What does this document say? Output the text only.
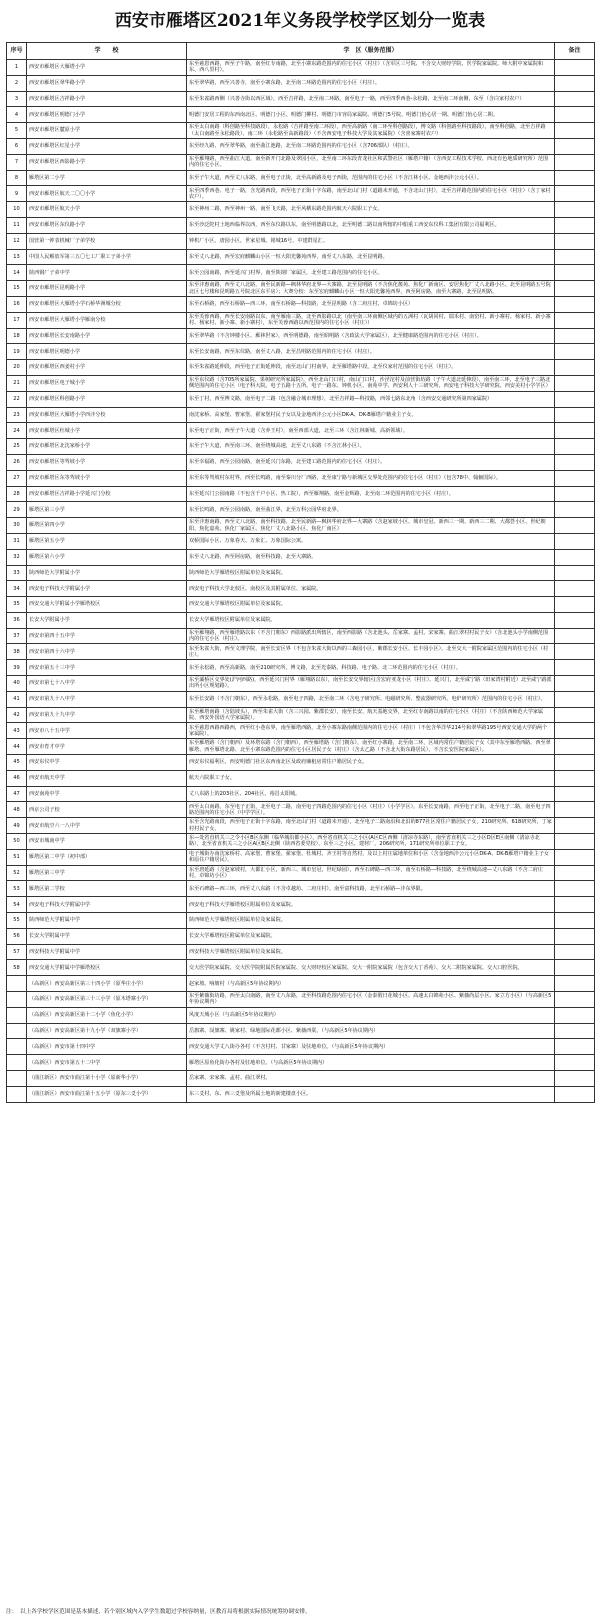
西安市雁塔区2021年义务段学校学区划分一览表
序号	学　　校	学　区（服务范围）	备注
1	西安市雁塔区大雁塔小学	东至慈恩西路，西至子午路，南至红专南路，北至小寨东路范围内的住宅小区（村庄）（含军区三号院、不含交大财经学院、医学院家属院、师大附中家属院和东、西八里村）。	
2	西安市雁塔区翠华路小学	东至翠华路，西至兴善寺，南至小寨东路，北至南二环路范围内的住宅小区（村庄）。	
3	西安市雁塔区吉祥路小学	东至朱雀路西侧（兴善寺街以西区域），西至吉祥路，北至南二环路，南至电子一路，西至四季西巷-永松路，北至南二环南侧，东至（含白家村农户）	
4	西安市雁塔区明德门小学	明德门安居工程的东西南北区、明德门小区、明德门柳村、明德门市容局家属院、明德门5号院、明德门怡心居一期、明德门怡心居二期。	
5	西安市雁塔区麓原小学	东至太白南路（科创路至科技路段），永松路（吉祥路至南二环段），西至高新路（南二环至科创路段），博文路（科创路至科技路段），南至科创路，北至吉祥路（太白南路至永松路段）、南二环（永松路至高新路段）（不含西安电子科技大学及其家属院）（含喜家寨村农户）	
6	西安市雁塔区红星小学	东至经九路，西至翠华路，南至曲江池路，北至南二环路范围内的住宅小区（含706部队）（村庄）。	
7	西安市雁塔区西影路小学	东至雁翔路，西至曲江大道，南至新开门北路及翠园小区，北至南二环东段青龙社区和武警社区（雁塔户籍）（含西安工程技术学校、西北有色地质研究所）范围内的住宅小区。	
8	雁塔区第二小学	东至子午大道，西至丈八东路，南至电子正街，北至高新路及电子西街，范围内的住宅小区（不含江林小区、金地西沣公元小区）。	
9	西安市雁塔区航天二〇〇小学	东至四季西巷、电子一路，含光路西段，西至电子正街十字东路，南至北山门村（道路未开通，不含北山门村），北至吉祥路范围内的住宅小区（村庄）（含丁家村农户）。	
10	西安市雁塔区航天小学	东至神州二路，西至神州一路，南至飞天路，北至风栖东路范围内航天六院职工子女。	
11	西安市雁塔区东仪路小学	东至沙泛陀村土地西临界以西，西至东仪路以东，南至明德路以北，北至明德二路以南所辖的中船重工西安东仪科工集团有限公司福利区。	
12	国营第一钟表机械厂子弟学校	钟机厂小区，唐园小区，世家星城、铭城16号，中建群星汇。	
13	中国人民解放军第三五〇七工厂职工子弟小学	东至丈八北路，西至宏府麒麟山小区一恒大阳光馨苑西界，南至丈八东路，北至昆明路。	
14	陕西钢厂子弟中学	东至公园南路，西至延兴门村界，南至陕钢厂家属区，北至建工路范围内的住宅小区。	
15	西安市雁塔区昆明路小学	东至沣惠南路，西至丈八北路，南至民新路—枫林华府北界—大寨路，北至昆明路（不含焦化酱苑、焦化厂新南区、安居焦化厂丈八北路小区、北至昆明路五号院北区七号楼和昆明路五号院北区东平房）；大赛分校：东至宏府麒麟山小区一恒大阳光馨苑西界，西至阿房路，南至大寨路，北至昆明路。	
16	西安市雁塔区大雁塔小学石桥华洲城分校	东至石桥路，西至石桥路—西三环，南至石桥路—科技路，北至昆明路（含二府庄村、卓锦坊小区）	
17	西安市雁塔区大雁塔小学雁南分校	东至芙蓉西路，西至长安南路以东，南至雁南三路，北至西影路以北（南至南三环南侧区域内的五洲村（瓦胡同村、瑞禾村、南窑村、新小寨村、杨家村、新小寨村、杨家村、新小寨、新小寨村），东至芙蓉西路以西范围内的住宅小区（村庄））	
18	西安市雁塔区长安南路小学	东至翠华路（不含钟楼小区、雁林世家），西至明德路，南至昭明路（含政法大学家属区），北至健康路范围内的住宅小区（村庄）。	
19	西安市雁塔区明德小学	东至长安南路，西至东仪路，南至丈八路，北至昌明路范围内的住宅小区（村庄）。	
20	西安市雁塔区西姜村小学	东至朱雀路延伸段，西至电子正街延伸段，南至北山门村南界，北至雁塔路中段，北至仪家村范围的住宅小区（村庄）。	
21	西安市雁塔区电子城小学	东至东仪路（含705所家属院、果树研究所家属院），西至北山门口村，南山门口村，沙泾沱村及前营街坊路（子午大道北延伸段），南至南三环，北至电子三路北侧范围内的住宅小区（电子科大院、电子五路十五所、电子一路东、钟机小区、南苑中学、西安利人十三研究所、西安电子科技大学研究院、西安美村小学学区）	
22	西安市雁塔区科创路小学	东至丁村，西至博文路，南至电子二路（包含融合城市理想），北至吉祥路—科技路，西邻七路东北角（含西安交通研究所第四家属院）	
23	西安市雁塔区大雁塔小学西沣分校	南沈家桥、高家堡、曹家堡、翟家堡村民子女以及金地西沣公元小区DK-A、DK-B雁塔户籍业主子女。	
24	西安市雁塔区杜城小学	东至电子正街，西至子午大道（含养王村），南至西部大道，北至三环（含江林新城、高新领域）。	
25	西安市雁塔区北沈家桥小学	东至子午大道，西至南三环，南至绕城高速，北至丈八东路（不含江林小区）。	
26	西安市雁塔区等驾坡小学	东至幸福路，西至公园南路，南至延兴门东路，北至建工路范围内的住宅小区（村庄）。	
27	西安市雁塔区东等驾坡小学	东至东等驾坡村东村界，西至长鸣路，南至秦川分厂西路，北至康宁路与新城区交界处范围内的住宅小区（村庄）（包含78中、翰俪国际）。	
28	西安市雁塔区吉祥路小学延兴门分校	东至延兴门公园南路（不包含千户小区、热工院），西至雁翔路，南至金辉路，北至南二环范围内的住宅小区（村庄）。	
29	雁塔区第三小学	东至长鸣路，西至公园南路，南至曲江界，北至万科公园华府北界。	
30	雁塔区第四小学	东至沣惠南路，西至丈八北路，南至科技路，北至民新路—枫林华府北界—大寨路（含赵家坡小区、城市皇冠、新西三一期、新西三二期、大都荟小区、世纪朝阳、焦化嘉苑、焦化厂家属区、焦化厂丈八北路小区、焦化厂南区）	
31	雁塔区第五小学	双桥国际小区、万象春天、万象汇、万象国际公寓。	
32	雁塔区第六小学	东至丈八北路，西至阿房路，南至科技路，北至大寨路。	
33	陕西师范大学附属小学	陕西师范大学雁塔校区附属单位及家属院。	
34	西安电子科技大学附属小学	西安电子科技大学北校区、南校区及其附属单位、家属院。	
35	西安交通大学附属小学雁塔校区	西安交通大学雁塔校区附属单位及家属院。	
36	长安大学附属小学	长安大学雁塔校区附属单位及家属院。	
37	西安市第四十五中学	东至雁翔路，西至雁塔路以东（不含门朝东）西影路派出所辖区，南至西影路（含北池头、岳家寨、孟村、宋家寨、曲江翠村村民子女）（含北池头小学南侧范围内的住宅小区（村庄）。	
38	西安市第四十六中学	东至朱雀大街，西至文理学院，南至长安区界（不包含朱雀大街以西的三森园小区，紫郡长安小区、长丰园小区），北至交大一附院家属区范围内的住宅小区（村庄）。	
39	西安市第五十三中学	东至永松路，西至高新路，南至210研究所、博文路，北至光泰路、科技路、电子路、北二环范围内的住宅小区（村庄）。	
40	西安市第七十八中学	东至灞桥区交界处(沪河西路)，西至延兴门村界（雁翔路以东），南至长安交界辖区(含宏府亚龙小区（村庄）、延兴门，北至咸宁路（田家湾村附近）北至咸宁路派出所小区规划路）。	
41	西安市第九十八中学	东至长安路（不含门朝东），西至永松路，南至电子四路，北至南二环（含电子研究所、电磁研究所、整流器研究所、电炉研究所）范围内的住宅小区（村庄）。	
42	西安市第九十九中学	东至雁塔南路（含陆坡头），西至朱雀大街（含三兴园、紫郡长安），南至长安、航天基地交界，北至红专南路以南的住宅小区（村庄）（不含陕西师范大学家属院、西安外国语大学家属院）。	
43	西安市八十五中学	东至慈恩西路西路西，西至红小巷东界，南至雁塔西路，北至小寨东路南侧范围内的住宅小区（村庄）（不包含华洋华214号和翠华路195号西安交通大学的两个家属院）。	
44	西安市育才中学	东至雁塔路（含门朝西）及环塔东路（含门朝西），西至雁塔路（含门朝东），南至红小寨路，北至南二环，区域内常住户籍居民子女（其中东至雁塔西路、西至翠雁塔、西至雁塔北路、北至小寨东路范围内的住宅小区居民子女（村庄）（含太乙路（不含北大街东路居民），不含长安医院家属区）。	
45	西安东仪中学	西安东仪福利区，西安明德门社区东西南北区及政府廉租房常住户籍居民子女。	
46	西安市航天中学	航天六院职工子女。	
47	西安南苑中学	丈八东路上的203社区、204社区，裕昌太阳城。	
48	西京公司子校	西至太白南路，东至电子正街，北至电子二路，南至电子四路范围内的住宅小区（村庄）（小学学区）。东至长安南路，西至电子正街，北至电子二路，南至电子四路范围内的住宅小区（中学学区）。	
49	西安市航空六一八中学	东至含光路南段，西至电子正街十字东路，南至北山门村（道路未开通），北至电子二路南沿和北沿的877社区常住户籍居民子女，210研究所、618研究所，丁家村村民子女。	
50	西安市城南中学	东—处省直机关三之令小区B区东侧（临华城沿都小区），西至省直机关三之小区(A区C区西侧（清凉寺东路），南至省直机关三之小区D区E区南侧（清凉寺北路），北至省直机关三之小区A区B区北侧（陕西省委党校），东至三之小区，建材厂，206研究所，171研究所单位职工子女。	
51	雁塔区第二中学（初中部）	电子城街办南沈家桥村、高家堡、曹家堡、翟家堡、杜城村、齐王村等自然村，及以上村庄属地单位和小区（含金地西沣公元小区DK-A、DK-B雁塔户籍业主子女和原住户籍居民）。	
52	雁塔区第三中学	东至唐延路（含赵家坡村，大都汇小区，新西三、城市皇冠，世纪绿园），西至石碑路—西三环，南至石桥路—科技路，北至绕城高速—丈八东路（不含二府庄村，卓锦坊小区）	
53	雁塔区第二学校	东至石碑路—西三环，西至丈八东路（不含卓越坊、二府庄村），南至富科技路，北至石桥路—沣东界限。	
54	西安电子科技大学附属中学	西安电子科技大学雁塔校区附属单位及家属院。	
55	陕西师范大学附属中学	陕西师范大学雁塔校区附属单位及家属院。	
56	长安大学附属中学	长安大学雁塔校区附属单位及家属院。	
57	西安科技大学附属中学	西安科技大学雁塔校区附属单位及家属院。	
58	西安交通大学附属中学雁塔校区	交大医学院家属院、交大医学院附属医院家属院、交大财经校区家属院、交大一附院家属院（包含交大丁香苑）、交大二附院家属院、交大口腔医院。	
	（高新区）西安高新区第三十四小学（原华庄小学）	赵家坡、响塘村（与高新区5年协议期内）	
	（高新区）西安高新区第三十三小学（原木塔寨小学）	东至紫薇街坊路，西至太白南路，南至丈八东路，北至科技路范围内住宅小区（金泰假日花城小区、高速太白锦苑小区、紫薇尚层小区、家立方小区）（与高新区5年协议期内）	
	（高新区）西安高新区第十二小学（鱼化小学）	风度天城小区（与高新区5年协议期内）	
	（高新区）西安高新区第十九小学（双旗寨小学）	岳旗寨、闵旗寨、姚家村、绿地国际花都小区、紫薇西棠。（与高新区5年协议期内）	
	（高新区）西安市第十四中学	西安交通大学丈八街办各村（不含付村、甘家寨）及驻地单位。（与高新区5年协议期内）	
	（高新区）西安市第五十二中学	雁塔区原鱼化街办各村及驻地单位。（与高新区5年协议期内）	
	（曲江新区）西安市曲江第十小学（原新华小学）	岳家寨、宋家寨、孟村、曲江翠村。	
	（曲江新区）西安市曲江第十五小学（原东三爻小学）	东三爻村、东、西三爻堡及所属土地的新建楼盘小区。	
注：　以上各学校学区范围是基本描述，若个别区域内入学学生数超过学校容纳量，区教育局将根据实际情况统筹协调安排。
